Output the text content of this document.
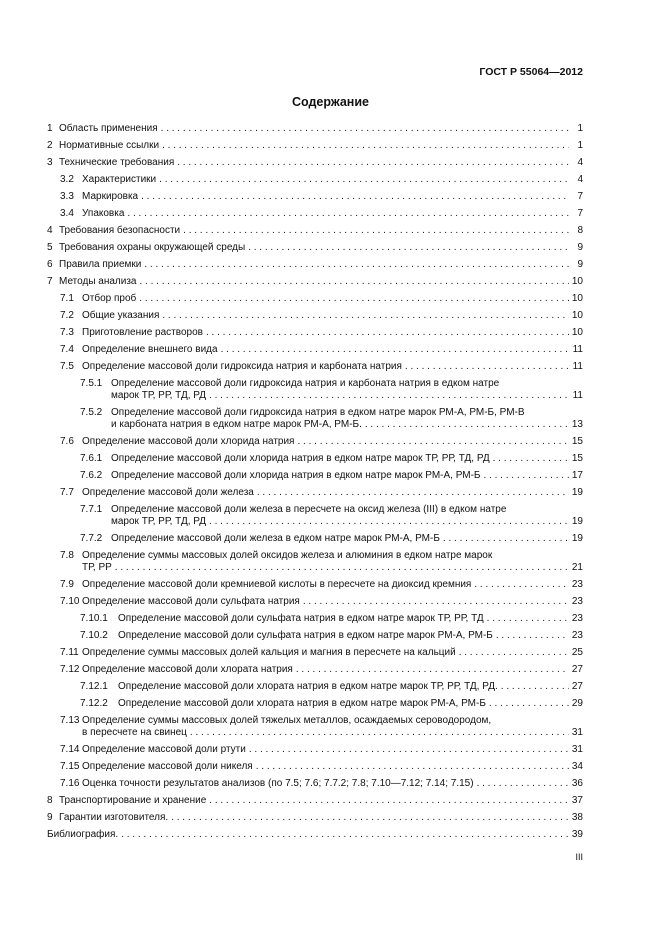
ГОСТ Р 55064—2012
Содержание
1 Область применения . . .	1
2 Нормативные ссылки . . .	1
3 Технические требования . . .	4
3.2 Характеристики . . .	4
3.3 Маркировка . . .	7
3.4 Упаковка . . .	7
4 Требования безопасности . . .	8
5 Требования охраны окружающей среды . . .	9
6 Правила приемки . . .	9
7 Методы анализа . . .	10
7.1 Отбор проб . . .	10
7.2 Общие указания . . .	10
7.3 Приготовление растворов . . .	10
7.4 Определение внешнего вида . . .	11
7.5 Определение массовой доли гидроксида натрия и карбоната натрия . . .	11
7.5.1 Определение массовой доли гидроксида натрия и карбоната натрия в едком натре
марок ТР, РР, ТД, РД . . .	11
7.5.2 Определение массовой доли гидроксида натрия в едком натре марок РМ-А, РМ-Б, РМ-В
и карбоната натрия в едком натре марок РМ-А, РМ-Б. . . .	13
7.6 Определение массовой доли хлорида натрия . . .	15
7.6.1 Определение массовой доли хлорида натрия в едком натре марок ТР, РР, ТД, РД . . .	15
7.6.2 Определение массовой доли хлорида натрия в едком натре марок РМ-А, РМ-Б . . .	17
7.7 Определение массовой доли железа . . .	19
7.7.1 Определение массовой доли железа в пересчете на оксид железа (III) в едком натре
марок ТР, РР, ТД, РД . . .	19
7.7.2 Определение массовой доли железа в едком натре марок РМ-А, РМ-Б . . .	19
7.8 Определение суммы массовых долей оксидов железа и алюминия в едком натре марок
ТР, РР . . .	21
7.9 Определение массовой доли кремниевой кислоты в пересчете на диоксид кремния . . .	23
7.10 Определение массовой доли сульфата натрия . . .	23
7.10.1	Определение массовой доли сульфата натрия в едком натре марок ТР, РР, ТД . . .	23
7.10.2	Определение массовой доли сульфата натрия в едком натре марок РМ-А, РМ-Б . . .	23
7.11 Определение суммы массовых долей кальция и магния в пересчете на кальций . . .	25
7.12 Определение массовой доли хлората натрия . . .	27
7.12.1	Определение массовой доли хлората натрия в едком натре марок ТР, РР, ТД, РД. . . .	27
7.12.2	Определение массовой доли хлората натрия в едком натре марок РМ-А, РМ-Б . . .	29
7.13 Определение суммы массовых долей тяжелых металлов, осаждаемых сероводородом,
в пересчете на свинец . . .	31
7.14 Определение массовой доли ртути . . .	31
7.15 Определение массовой доли никеля . . .	34
7.16 Оценка точности результатов анализов (по 7.5; 7.6; 7.7.2; 7.8; 7.10—7.12; 7.14; 7.15) . . .	36
8 Транспортирование и хранение . . .	37
9 Гарантии изготовителя. . . .	38
Библиография. . . .	39
III
